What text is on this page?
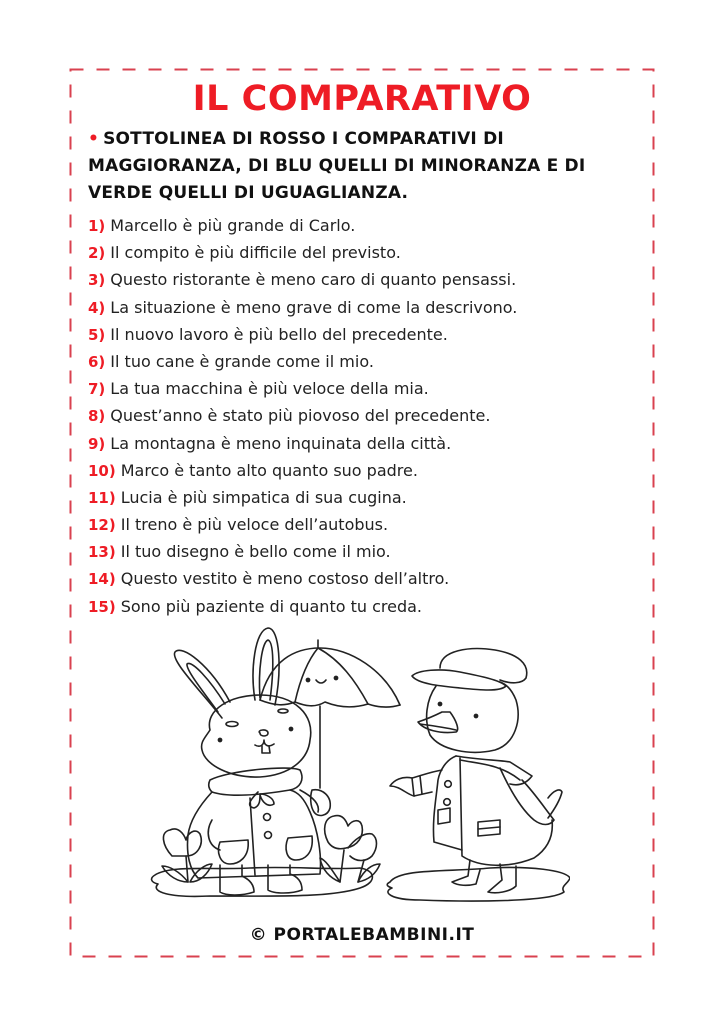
IL COMPARATIVO
• SOTTOLINEA DI ROSSO I COMPARATIVI DI MAGGIORANZA, DI BLU QUELLI DI MINORANZA E DI VERDE QUELLI DI UGUAGLIANZA.
1) Marcello è più grande di Carlo.
2) Il compito è più difficile del previsto.
3) Questo ristorante è meno caro di quanto pensassi.
4) La situazione è meno grave di come la descrivono.
5) Il nuovo lavoro è più bello del precedente.
6) Il tuo cane è grande come il mio.
7) La tua macchina è più veloce della mia.
8) Quest’anno è stato più piovoso del precedente.
9) La montagna è meno inquinata della città.
10) Marco è tanto alto quanto suo padre.
11) Lucia è più simpatica di sua cugina.
12) Il treno è più veloce dell’autobus.
13) Il tuo disegno è bello come il mio.
14) Questo vestito è meno costoso dell’altro.
15) Sono più paziente di quanto tu creda.
© PORTALEBAMBINI.IT
